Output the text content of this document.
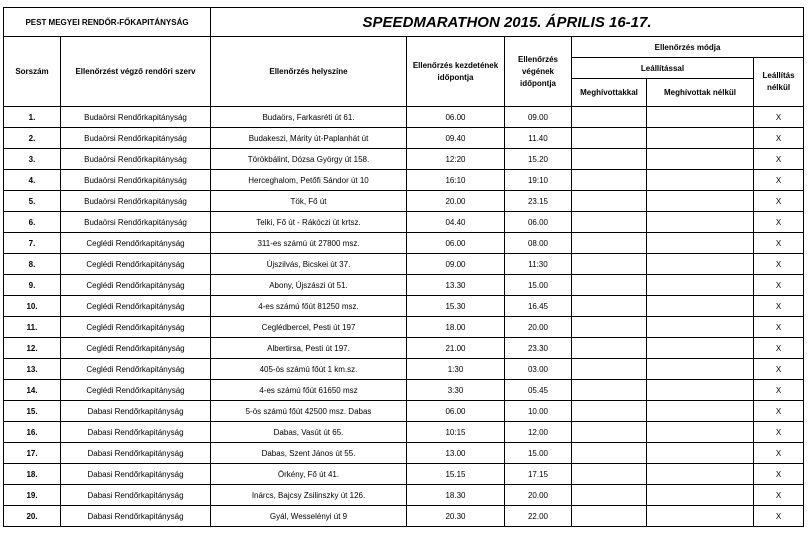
PEST MEGYEI RENDŐR-FŐKAPITÁNYSÁG		SPEEDMARATHON 2015. ÁPRILIS 16-17.					
Sorszám	Ellenőrzést végző rendőri szerv	Ellenőrzés helyszíne	Ellenőrzés kezdetének időpontja	Ellenőrzés végének időpontja	Ellenőrzés módja		
					Leállítással		Leállítás nélkül
					Meghívottakkal	Meghívottak nélkül	
1.	Budaörsi Rendőrkapitányság	Budaörs, Farkasréti út 61.	06.00	09.00			X
2.	Budaörsi Rendőrkapitányság	Budakeszi, Márity út-Paplanhát út	09.40	11.40			X
3.	Budaörsi Rendőrkapitányság	Törökbálint, Dózsa György út 158.	12:20	15.20			X
4.	Budaörsi Rendőrkapitányság	Herceghalom, Petőfi Sándor út 10	16:10	19:10			X
5.	Budaörsi Rendőrkapitányság	Tök, Fő út	20.00	23.15			X
6.	Budaörsi Rendőrkapitányság	Telki, Fő út - Rákóczi út krtsz.	04.40	06.00			X
7.	Ceglédi Rendőrkapitányság	311-es számú út 27800 msz.	06.00	08.00			X
8.	Ceglédi Rendőrkapitányság	Újszilvás, Bicskei út 37.	09.00	11:30			X
9.	Ceglédi Rendőrkapitányság	Abony, Újszászi út 51.	13.30	15.00			X
10.	Ceglédi Rendőrkapitányság	4-es számú főút 81250 msz.	15.30	16.45			X
11.	Ceglédi Rendőrkapitányság	Ceglédbercel, Pesti út 197	18.00	20.00			X
12.	Ceglédi Rendőrkapitányság	Albertirsa, Pesti út 197.	21.00	23.30			X
13.	Ceglédi Rendőrkapitányság	405-ös számú főút 1 km.sz.	1:30	03.00			X
14.	Ceglédi Rendőrkapitányság	4-es számú főút 61650 msz	3:30	05.45			X
15.	Dabasi Rendőrkapitányság	5-ös számú főút 42500 msz. Dabas	06.00	10.00			X
16.	Dabasi Rendőrkapitányság	Dabas, Vasút út 65.	10:15	12.00			X
17.	Dabasi Rendőrkapitányság	Dabas, Szent János út 55.	13.00	15.00			X
18.	Dabasi Rendőrkapitányság	Örkény, Fő út 41.	15.15	17.15			X
19.	Dabasi Rendőrkapitányság	Inárcs, Bajcsy Zsilinszky út 126.	18.30	20.00			X
20.	Dabasi Rendőrkapitányság	Gyál, Wesselényi út 9	20.30	22.00			X
